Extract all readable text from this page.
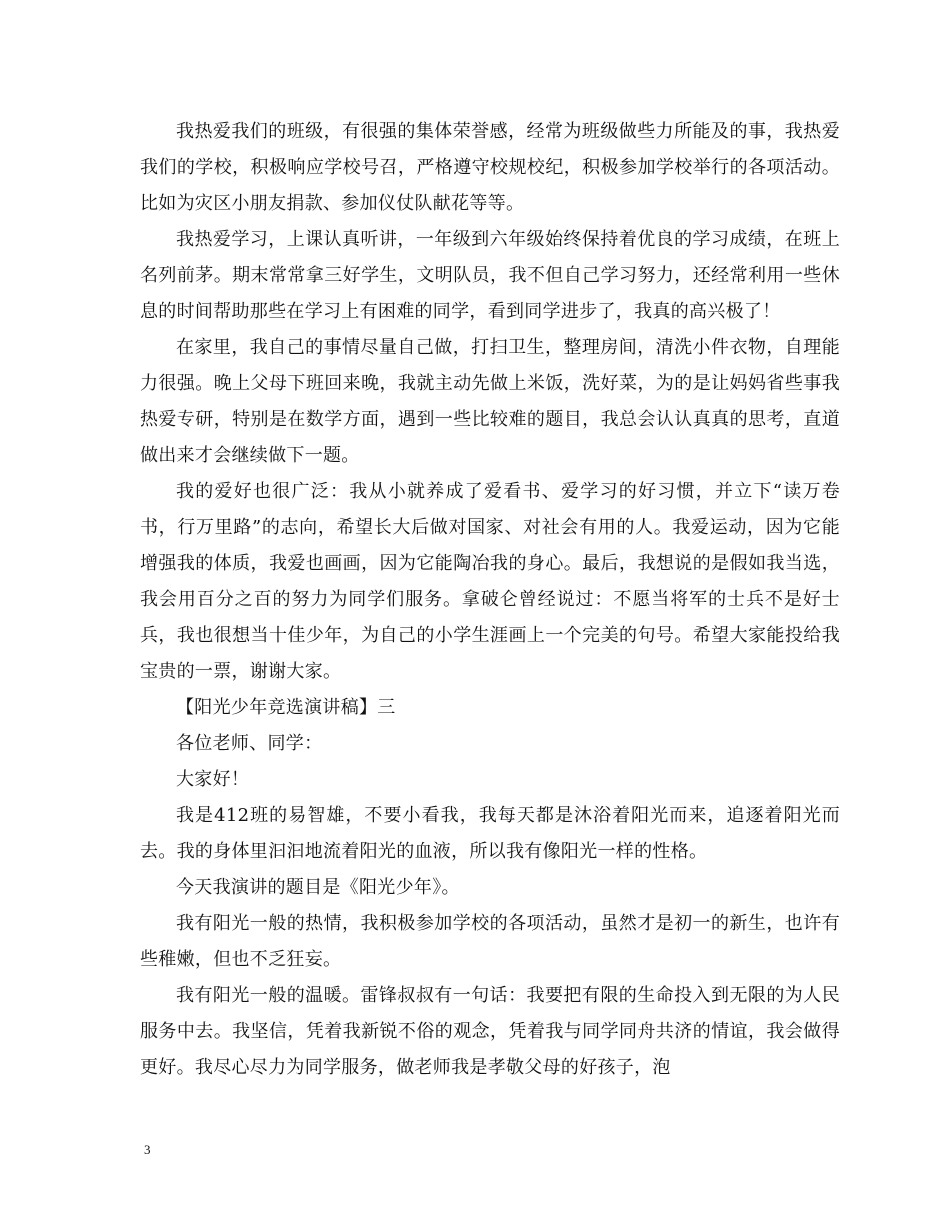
我热爱我们的班级，有很强的集体荣誉感，经常为班级做些力所能及的事，我热爱我们的学校，积极响应学校号召，严格遵守校规校纪，积极参加学校举行的各项活动。比如为灾区小朋友捐款、参加仪仗队献花等等。

我热爱学习，上课认真听讲，一年级到六年级始终保持着优良的学习成绩，在班上名列前茅。期末常常拿三好学生，文明队员，我不但自己学习努力，还经常利用一些休息的时间帮助那些在学习上有困难的同学，看到同学进步了，我真的高兴极了！

在家里，我自己的事情尽量自己做，打扫卫生，整理房间，清洗小件衣物，自理能力很强。晚上父母下班回来晚，我就主动先做上米饭，洗好菜，为的是让妈妈省些事我热爱专研，特别是在数学方面，遇到一些比较难的题目，我总会认认真真的思考，直道做出来才会继续做下一题。

我的爱好也很广泛：我从小就养成了爱看书、爱学习的好习惯，并立下“读万卷书，行万里路”的志向，希望长大后做对国家、对社会有用的人。我爱运动，因为它能增强我的体质，我爱也画画，因为它能陶冶我的身心。最后，我想说的是假如我当选，我会用百分之百的努力为同学们服务。拿破仑曾经说过：不愿当将军的士兵不是好士兵，我也很想当十佳少年，为自己的小学生涯画上一个完美的句号。希望大家能投给我宝贵的一票，谢谢大家。

【阳光少年竞选演讲稿】三

各位老师、同学：

大家好！

我是412班的易智雄，不要小看我，我每天都是沐浴着阳光而来，追逐着阳光而去。我的身体里汩汩地流着阳光的血液，所以我有像阳光一样的性格。

今天我演讲的题目是《阳光少年》。

我有阳光一般的热情，我积极参加学校的各项活动，虽然才是初一的新生，也许有些稚嫩，但也不乏狂妄。

我有阳光一般的温暖。雷锋叔叔有一句话：我要把有限的生命投入到无限的为人民服务中去。我坚信，凭着我新锐不俗的观念，凭着我与同学同舟共济的情谊，我会做得更好。我尽心尽力为同学服务，做老师我是孝敬父母的好孩子，泡

3
